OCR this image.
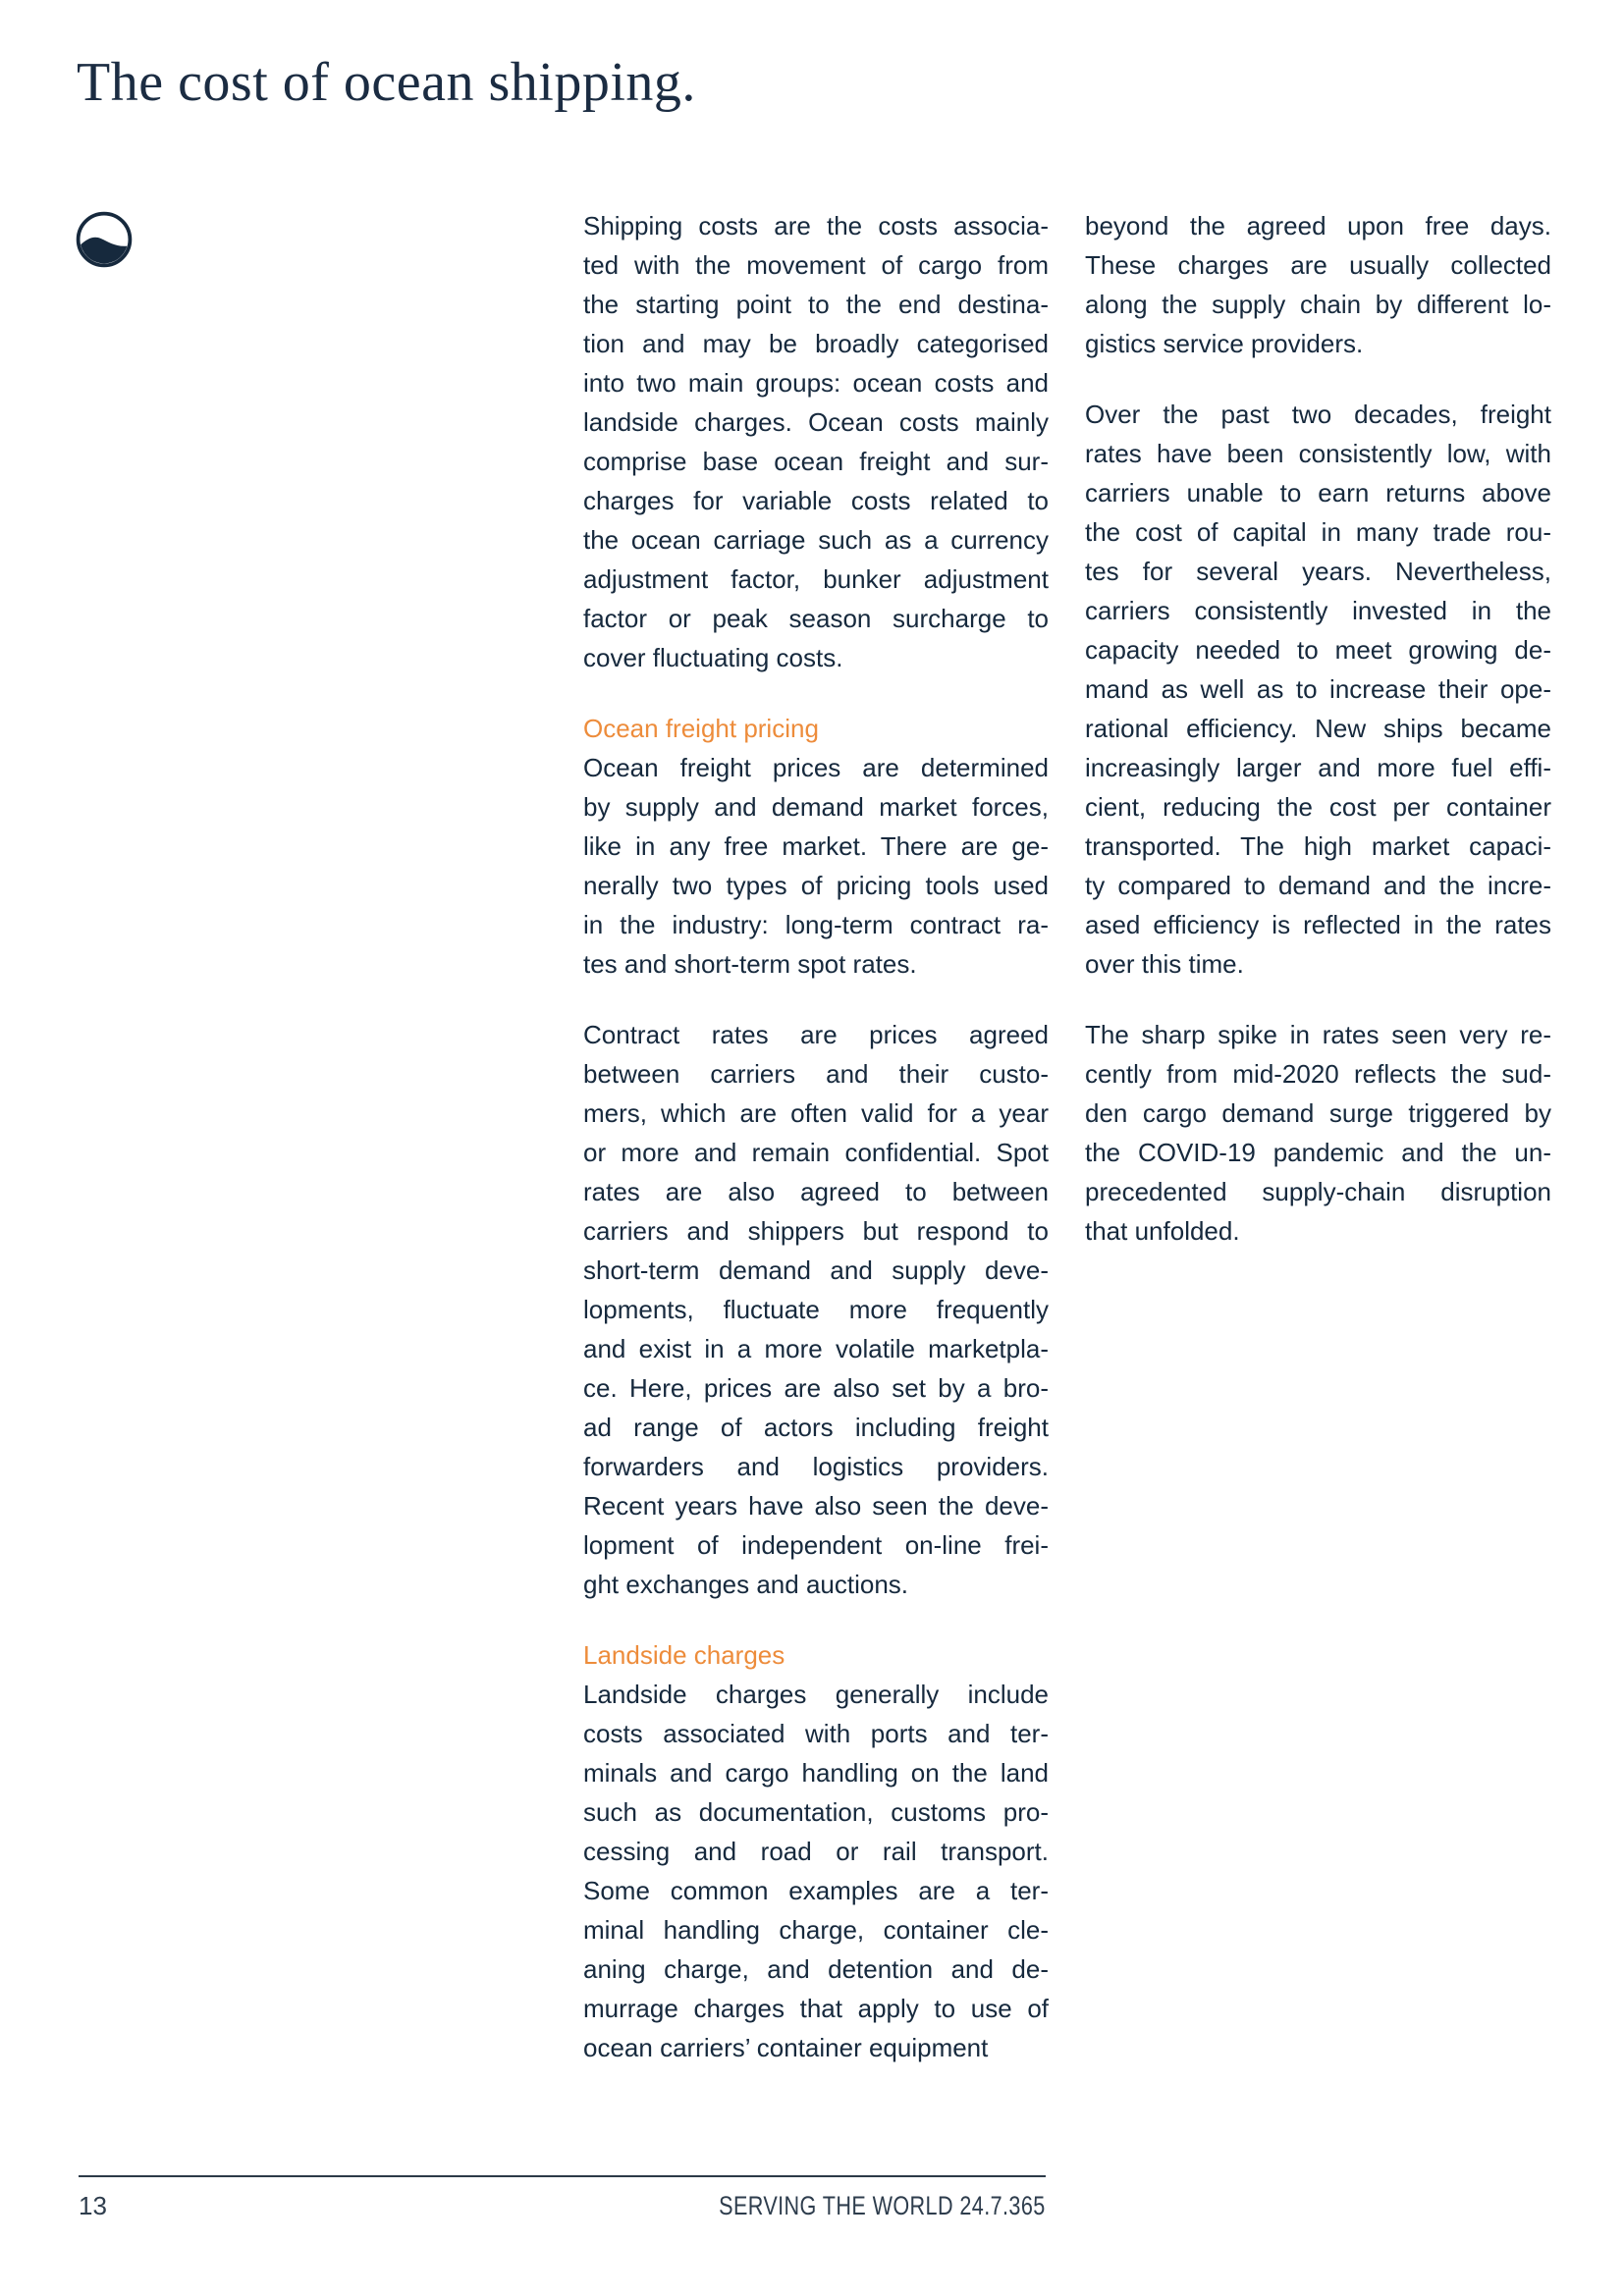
The cost of ocean shipping.
Shipping costs are the costs associa-
ted with the movement of cargo from
the starting point to the end destina-
tion and may be broadly categorised
into two main groups: ocean costs and
landside charges. Ocean costs mainly
comprise base ocean freight and sur-
charges for variable costs related to
the ocean carriage such as a currency
adjustment factor, bunker adjustment
factor or peak season surcharge to
cover fluctuating costs.
Ocean freight pricing
Ocean freight prices are determined
by supply and demand market forces,
like in any free market. There are ge-
nerally two types of pricing tools used
in the industry: long-term contract ra-
tes and short-term spot rates.
Contract rates are prices agreed
between carriers and their custo-
mers, which are often valid for a year
or more and remain confidential. Spot
rates are also agreed to between
carriers and shippers but respond to
short-term demand and supply deve-
lopments, fluctuate more frequently
and exist in a more volatile marketpla-
ce. Here, prices are also set by a bro-
ad range of actors including freight
forwarders and logistics providers.
Recent years have also seen the deve-
lopment of independent on-line frei-
ght exchanges and auctions.
Landside charges
Landside charges generally include
costs associated with ports and ter-
minals and cargo handling on the land
such as documentation, customs pro-
cessing and road or rail transport.
Some common examples are a ter-
minal handling charge, container cle-
aning charge, and detention and de-
murrage charges that apply to use of
ocean carriers’ container equipment
beyond the agreed upon free days.
These charges are usually collected
along the supply chain by different lo-
gistics service providers.
Over the past two decades, freight
rates have been consistently low, with
carriers unable to earn returns above
the cost of capital in many trade rou-
tes for several years. Nevertheless,
carriers consistently invested in the
capacity needed to meet growing de-
mand as well as to increase their ope-
rational efficiency. New ships became
increasingly larger and more fuel effi-
cient, reducing the cost per container
transported. The high market capaci-
ty compared to demand and the incre-
ased efficiency is reflected in the rates
over this time.
The sharp spike in rates seen very re-
cently from mid-2020 reflects the sud-
den cargo demand surge triggered by
the COVID-19 pandemic and the un-
precedented supply-chain disruption
that unfolded.
13	SERVING THE WORLD 24.7.365
